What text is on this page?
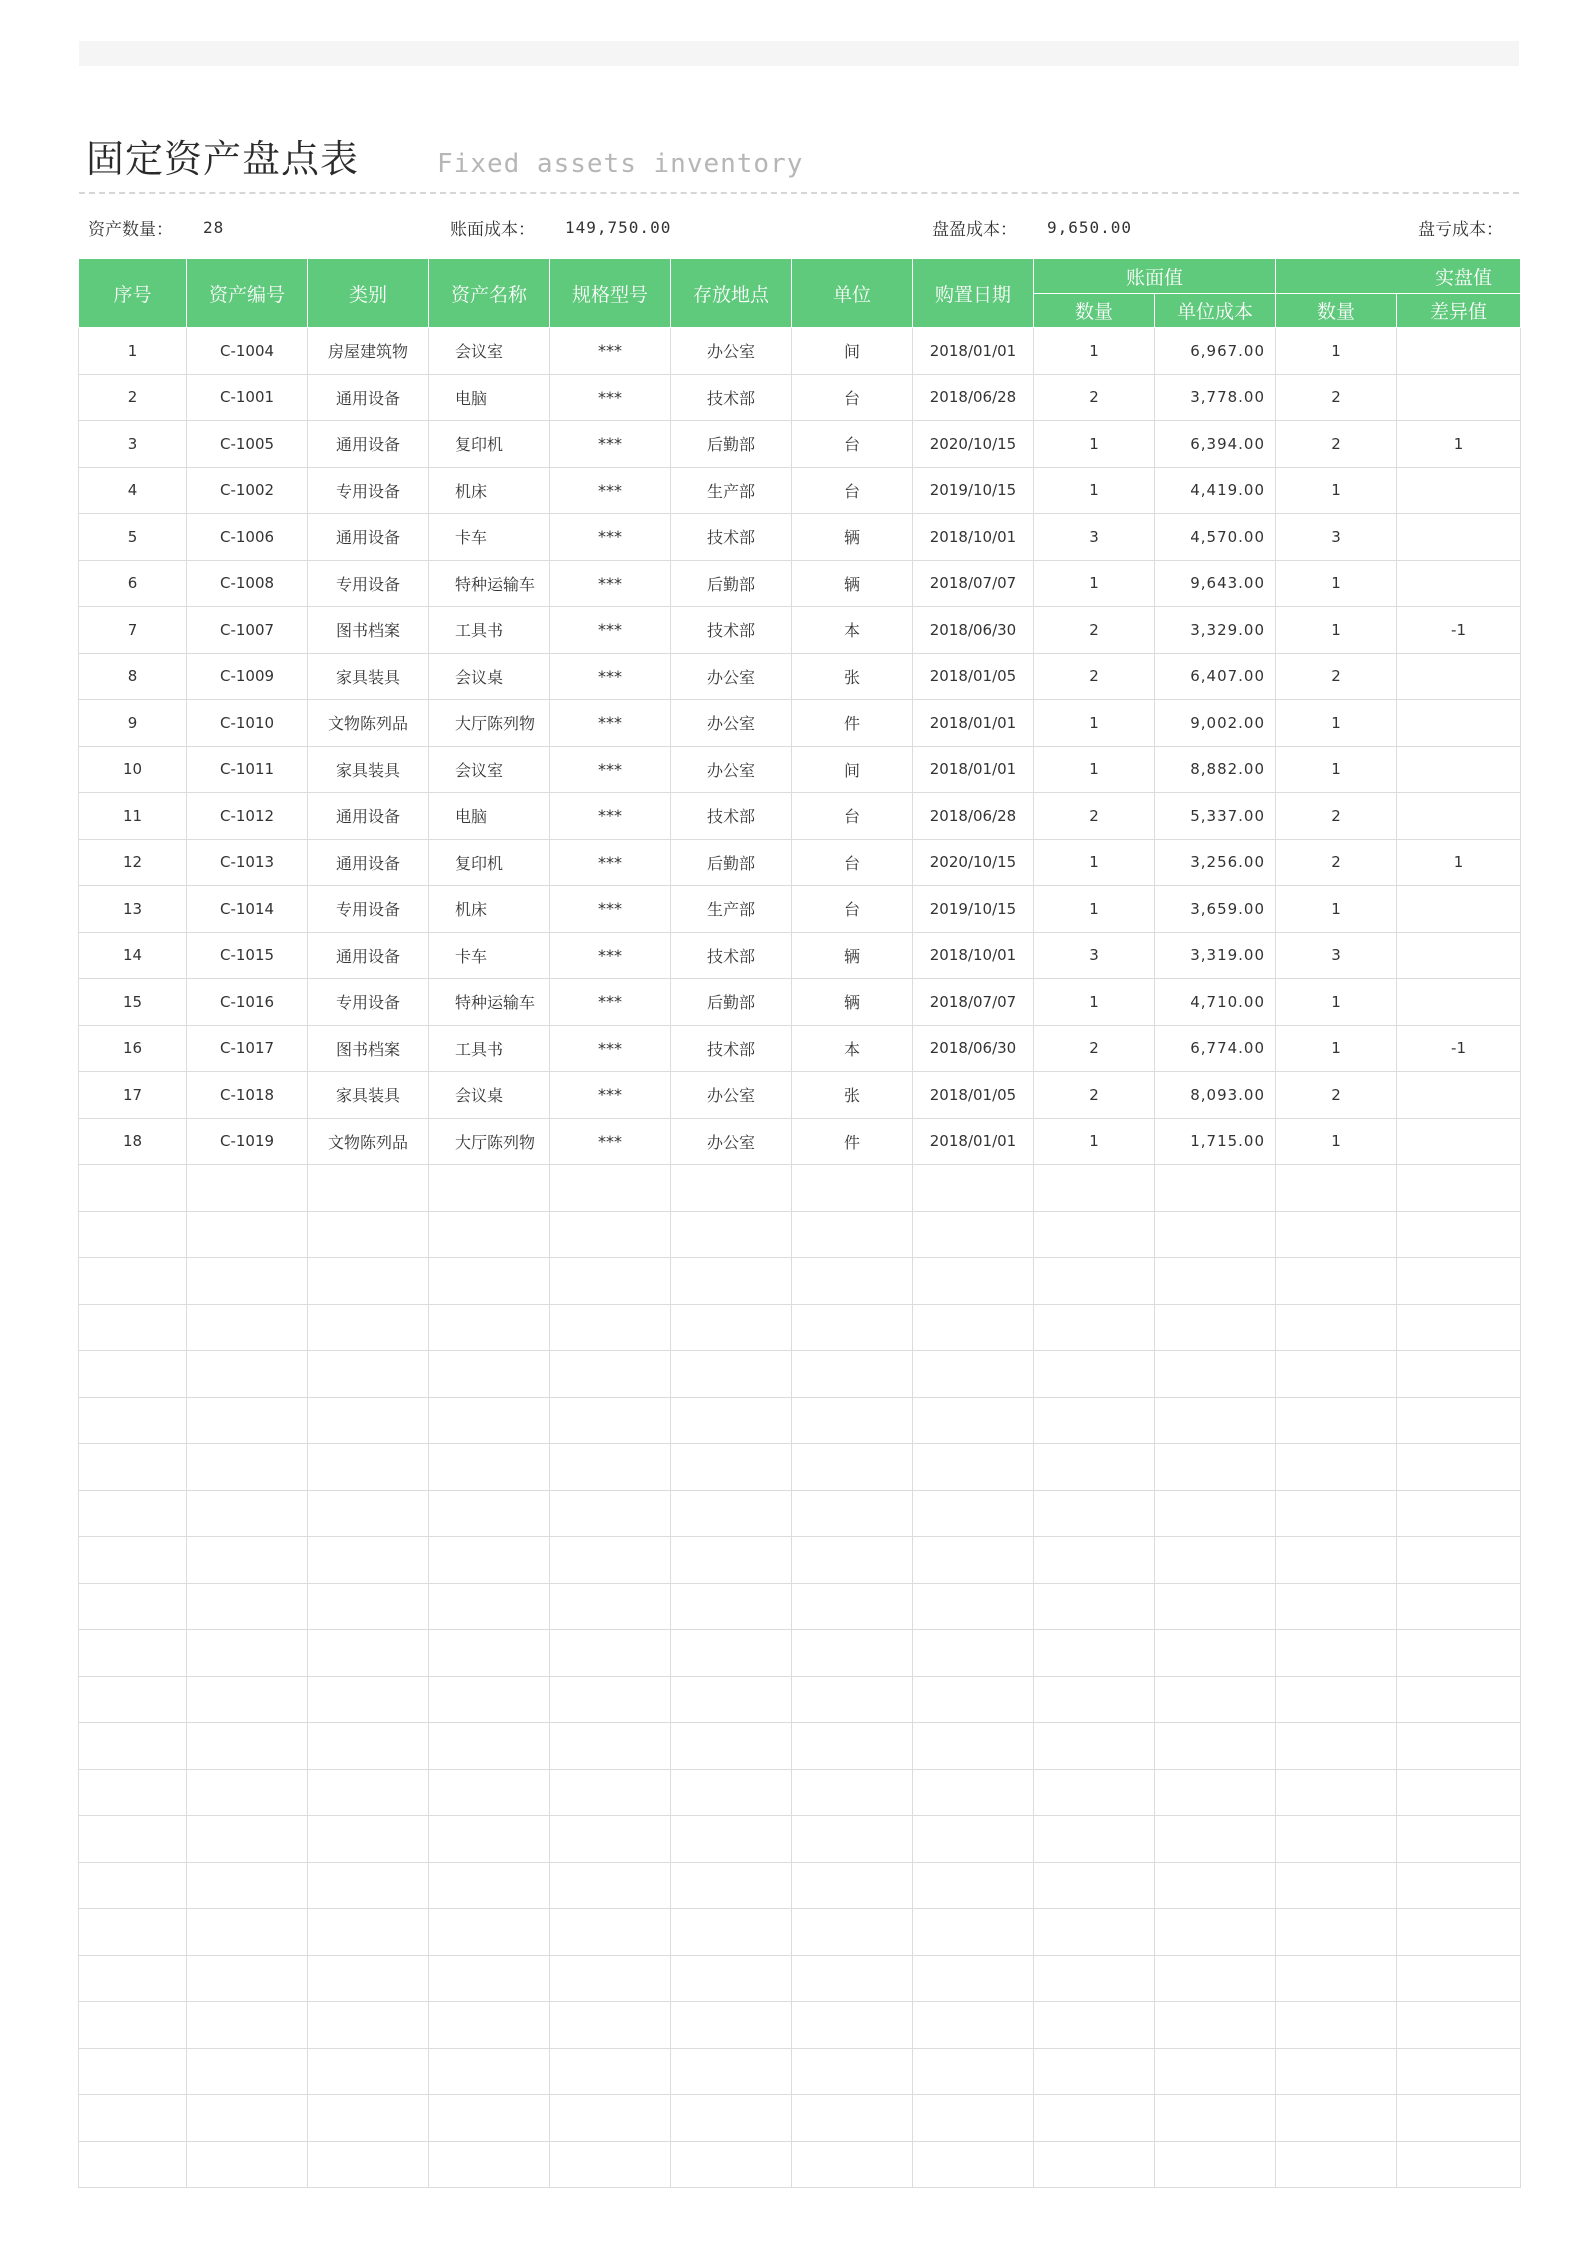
固定资产盘点表	Fixed assets inventory
资产数量： 28	账面成本： 149,750.00	盘盈成本： 9,650.00	盘亏成本：
序号	资产编号	类别	资产名称	规格型号	存放地点	单位	购置日期	账面值		实盘值	
								数量	单位成本	数量	差异值
1	C-1004	房屋建筑物	会议室	***	办公室	间	2018/01/01	1	6,967.00	1	
2	C-1001	通用设备	电脑	***	技术部	台	2018/06/28	2	3,778.00	2	
3	C-1005	通用设备	复印机	***	后勤部	台	2020/10/15	1	6,394.00	2	1
4	C-1002	专用设备	机床	***	生产部	台	2019/10/15	1	4,419.00	1	
5	C-1006	通用设备	卡车	***	技术部	辆	2018/10/01	3	4,570.00	3	
6	C-1008	专用设备	特种运输车	***	后勤部	辆	2018/07/07	1	9,643.00	1	
7	C-1007	图书档案	工具书	***	技术部	本	2018/06/30	2	3,329.00	1	-1
8	C-1009	家具装具	会议桌	***	办公室	张	2018/01/05	2	6,407.00	2	
9	C-1010	文物陈列品	大厅陈列物	***	办公室	件	2018/01/01	1	9,002.00	1	
10	C-1011	家具装具	会议室	***	办公室	间	2018/01/01	1	8,882.00	1	
11	C-1012	通用设备	电脑	***	技术部	台	2018/06/28	2	5,337.00	2	
12	C-1013	通用设备	复印机	***	后勤部	台	2020/10/15	1	3,256.00	2	1
13	C-1014	专用设备	机床	***	生产部	台	2019/10/15	1	3,659.00	1	
14	C-1015	通用设备	卡车	***	技术部	辆	2018/10/01	3	3,319.00	3	
15	C-1016	专用设备	特种运输车	***	后勤部	辆	2018/07/07	1	4,710.00	1	
16	C-1017	图书档案	工具书	***	技术部	本	2018/06/30	2	6,774.00	1	-1
17	C-1018	家具装具	会议桌	***	办公室	张	2018/01/05	2	8,093.00	2	
18	C-1019	文物陈列品	大厅陈列物	***	办公室	件	2018/01/01	1	1,715.00	1	
